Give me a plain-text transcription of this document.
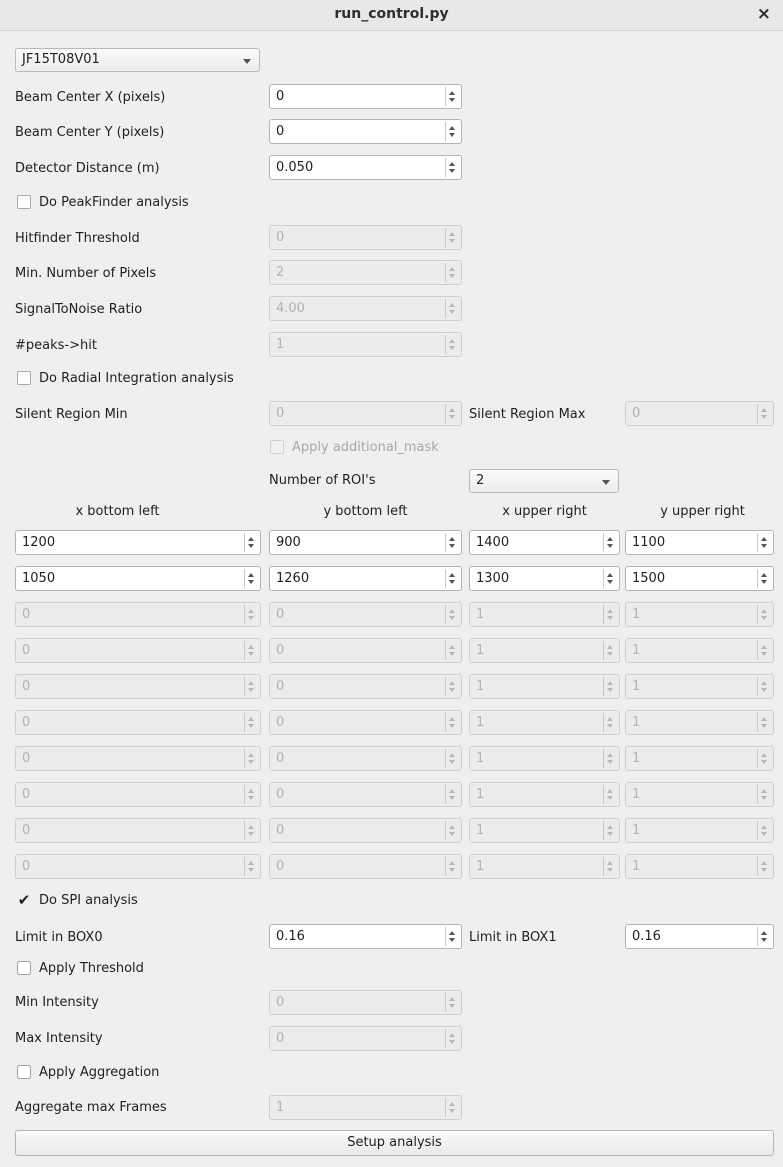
run_control.py	×
JF15T08V01
Beam Center X (pixels)	0
Beam Center Y (pixels)	0
Detector Distance (m)	0.050
Do PeakFinder analysis
Hitfinder Threshold	0
Min. Number of Pixels	2
SignalToNoise Ratio	4.00
#peaks->hit	1
Do Radial Integration analysis
Silent Region Min	0	Silent Region Max	0
Apply additional_mask
Number of ROI's	2
x bottom left	y bottom left	x upper right	y upper right
1200	900	1400	1100
1050	1260	1300	1500
0	0	1	1
0	0	1	1
0	0	1	1
0	0	1	1
0	0	1	1
0	0	1	1
0	0	1	1
0	0	1	1
✔ Do SPI analysis
Limit in BOX0	0.16	Limit in BOX1	0.16
Apply Threshold
Min Intensity	0
Max Intensity	0
Apply Aggregation
Aggregate max Frames	1
Setup analysis
